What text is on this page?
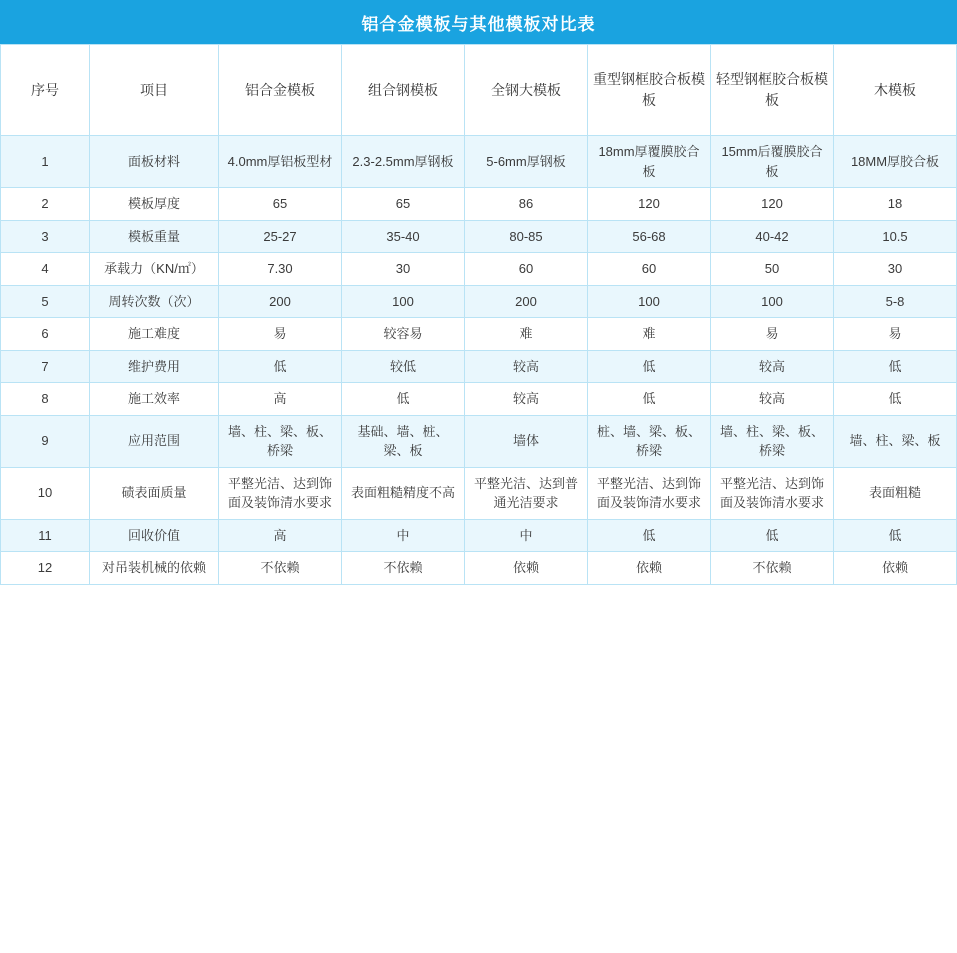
铝合金模板与其他模板对比表
序号	项目	铝合金模板	组合钢模板	全钢大模板	重型钢框胶合板模板	轻型钢框胶合板模板	木模板
1	面板材料	4.0mm厚铝板型材	2.3-2.5mm厚钢板	5-6mm厚钢板	18mm厚覆膜胶合板	15mm后覆膜胶合板	18MM厚胶合板
2	模板厚度	65	65	86	120	120	18
3	模板重量	25-27	35-40	80-85	56-68	40-42	10.5
4	承载力（KN/㎡）	7.30	30	60	60	50	30
5	周转次数（次）	200	100	200	100	100	5-8
6	施工难度	易	较容易	难	难	易	易
7	维护费用	低	较低	较高	低	较高	低
8	施工效率	高	低	较高	低	较高	低
9	应用范围	墙、柱、梁、板、桥梁	基础、墙、桩、梁、板	墙体	桩、墙、梁、板、桥梁	墙、柱、梁、板、桥梁	墙、柱、梁、板
10	碛表面质量	平整光洁、达到饰面及装饰清水要求	表面粗糙精度不高	平整光洁、达到普通光洁要求	平整光洁、达到饰面及装饰清水要求	平整光洁、达到饰面及装饰清水要求	表面粗糙
11	回收价值	高	中	中	低	低	低
12	对吊装机械的依赖	不依赖	不依赖	依赖	依赖	不依赖	依赖
